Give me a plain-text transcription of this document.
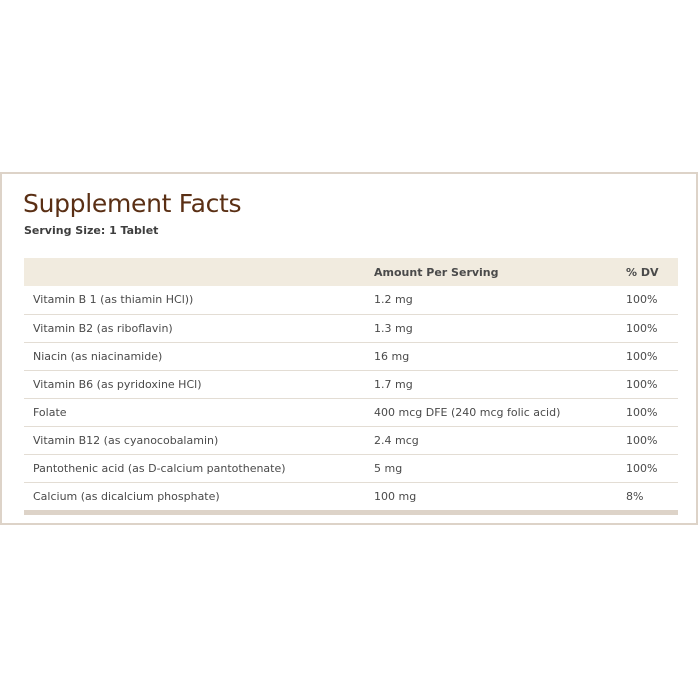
Supplement Facts
Serving Size: 1 Tablet
	Amount Per Serving	% DV
Vitamin B 1 (as thiamin HCl))	1.2 mg	100%
Vitamin B2 (as riboflavin)	1.3 mg	100%
Niacin (as niacinamide)	16 mg	100%
Vitamin B6 (as pyridoxine HCl)	1.7 mg	100%
Folate	400 mcg DFE (240 mcg folic acid)	100%
Vitamin B12 (as cyanocobalamin)	2.4 mcg	100%
Pantothenic acid (as D-calcium pantothenate)	5 mg	100%
Calcium (as dicalcium phosphate)	100 mg	8%
